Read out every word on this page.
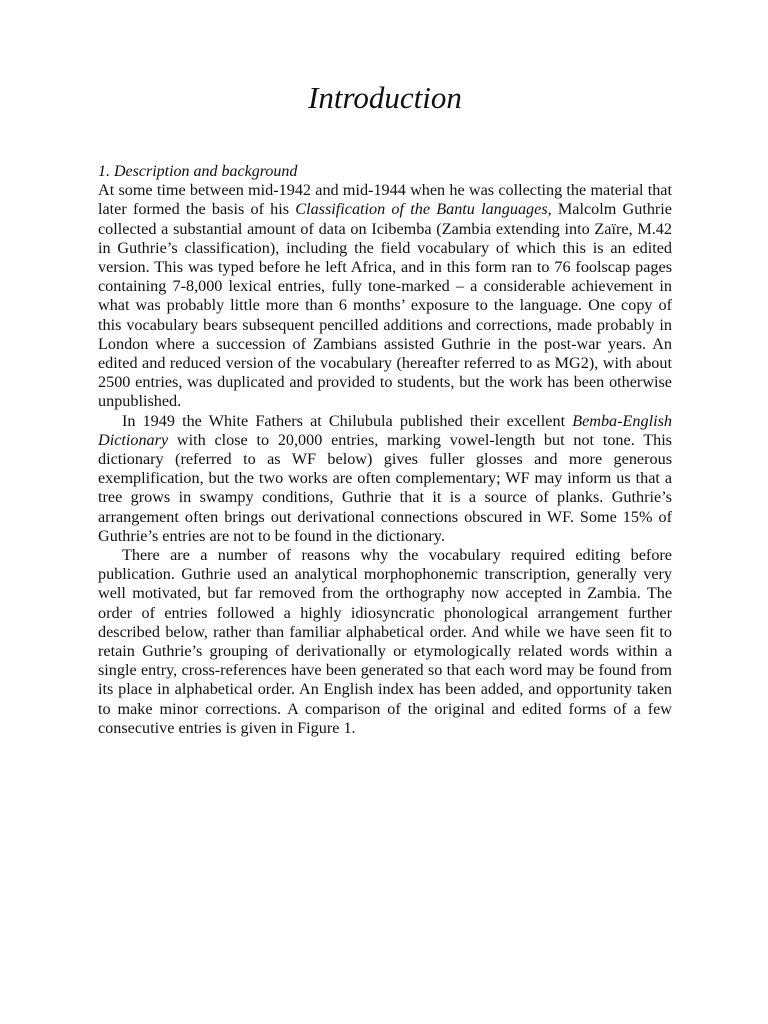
Introduction
1. Description and background

At some time between mid-1942 and mid-1944 when he was collecting the material that later formed the basis of his Classification of the Bantu languages, Malcolm Guthrie collected a substantial amount of data on Icibemba (Zambia extending into Zaïre, M.42 in Guthrie’s classification), including the field vocabulary of which this is an edited version. This was typed before he left Africa, and in this form ran to 76 foolscap pages containing 7-8,000 lexical entries, fully tone-marked – a considerable achievement in what was probably little more than 6 months’ exposure to the language. One copy of this vocabulary bears subsequent pencilled additions and corrections, made probably in London where a succession of Zambians assisted Guthrie in the post-war years. An edited and reduced version of the vocabulary (hereafter referred to as MG2), with about 2500 entries, was duplicated and provided to students, but the work has been otherwise unpublished.

In 1949 the White Fathers at Chilubula published their excellent Bemba-English Dictionary with close to 20,000 entries, marking vowel-length but not tone. This dictionary (referred to as WF below) gives fuller glosses and more generous exemplification, but the two works are often complementary; WF may inform us that a tree grows in swampy conditions, Guthrie that it is a source of planks. Guthrie’s arrangement often brings out derivational connections obscured in WF. Some 15% of Guthrie’s entries are not to be found in the dictionary.

There are a number of reasons why the vocabulary required editing before publication. Guthrie used an analytical morphophonemic transcription, generally very well motivated, but far removed from the orthography now accepted in Zambia. The order of entries followed a highly idiosyncratic phonological arrangement further described below, rather than familiar alphabetical order. And while we have seen fit to retain Guthrie’s grouping of derivationally or etymologically related words within a single entry, cross-references have been generated so that each word may be found from its place in alphabetical order. An English index has been added, and opportunity taken to make minor corrections. A comparison of the original and edited forms of a few consecutive entries is given in Figure 1.
